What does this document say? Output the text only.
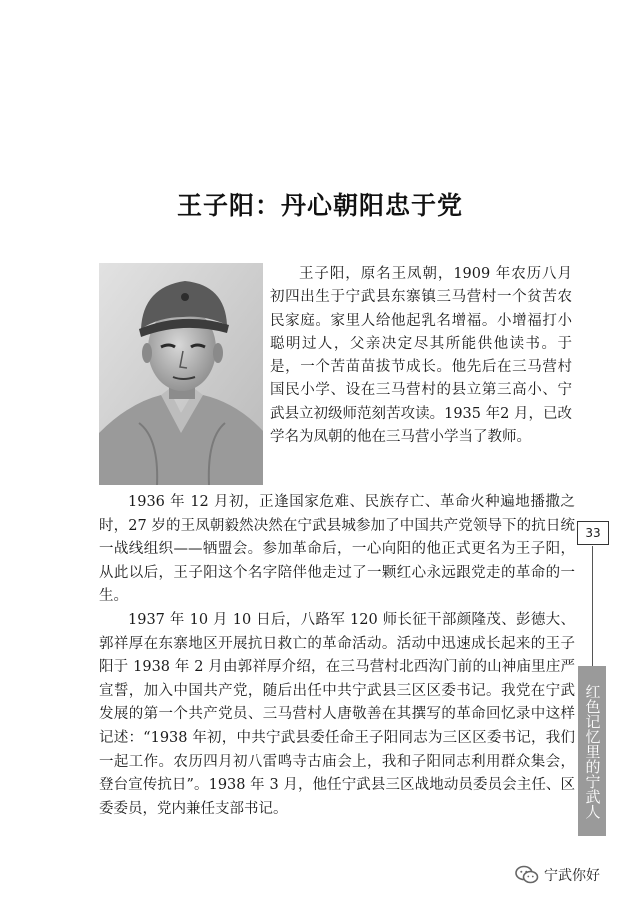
王子阳：丹心朝阳忠于党

王子阳，原名王凤朝，1909 年农历八月初四出生于宁武县东寨镇三马营村一个贫苦农民家庭。家里人给他起乳名增福。小增福打小聪明过人，父亲决定尽其所能供他读书。于是，一个苦苗苗拔节成长。他先后在三马营村国民小学、设在三马营村的县立第三高小、宁武县立初级师范刻苦攻读。1935 年2 月，已改学名为凤朝的他在三马营小学当了教师。

1936 年 12 月初，正逢国家危难、民族存亡、革命火种遍地播撒之时，27 岁的王凤朝毅然决然在宁武县城参加了中国共产党领导下的抗日统一战线组织——牺盟会。参加革命后，一心向阳的他正式更名为王子阳，从此以后，王子阳这个名字陪伴他走过了一颗红心永远跟党走的革命的一生。

1937 年 10 月 10 日后，八路军 120 师长征干部颜隆茂、彭德大、郭祥厚在东寨地区开展抗日救亡的革命活动。活动中迅速成长起来的王子阳于 1938 年 2 月由郭祥厚介绍，在三马营村北西沟门前的山神庙里庄严宣誓，加入中国共产党，随后出任中共宁武县三区区委书记。我党在宁武发展的第一个共产党员、三马营村人唐敬善在其撰写的革命回忆录中这样记述：“1938 年初，中共宁武县委任命王子阳同志为三区区委书记，我们一起工作。农历四月初八雷鸣寺古庙会上，我和子阳同志利用群众集会，登台宣传抗日”。1938 年 3 月，他任宁武县三区战地动员委员会主任、区委委员，党内兼任支部书记。

33
红色记忆里的宁武人
宁武你好
